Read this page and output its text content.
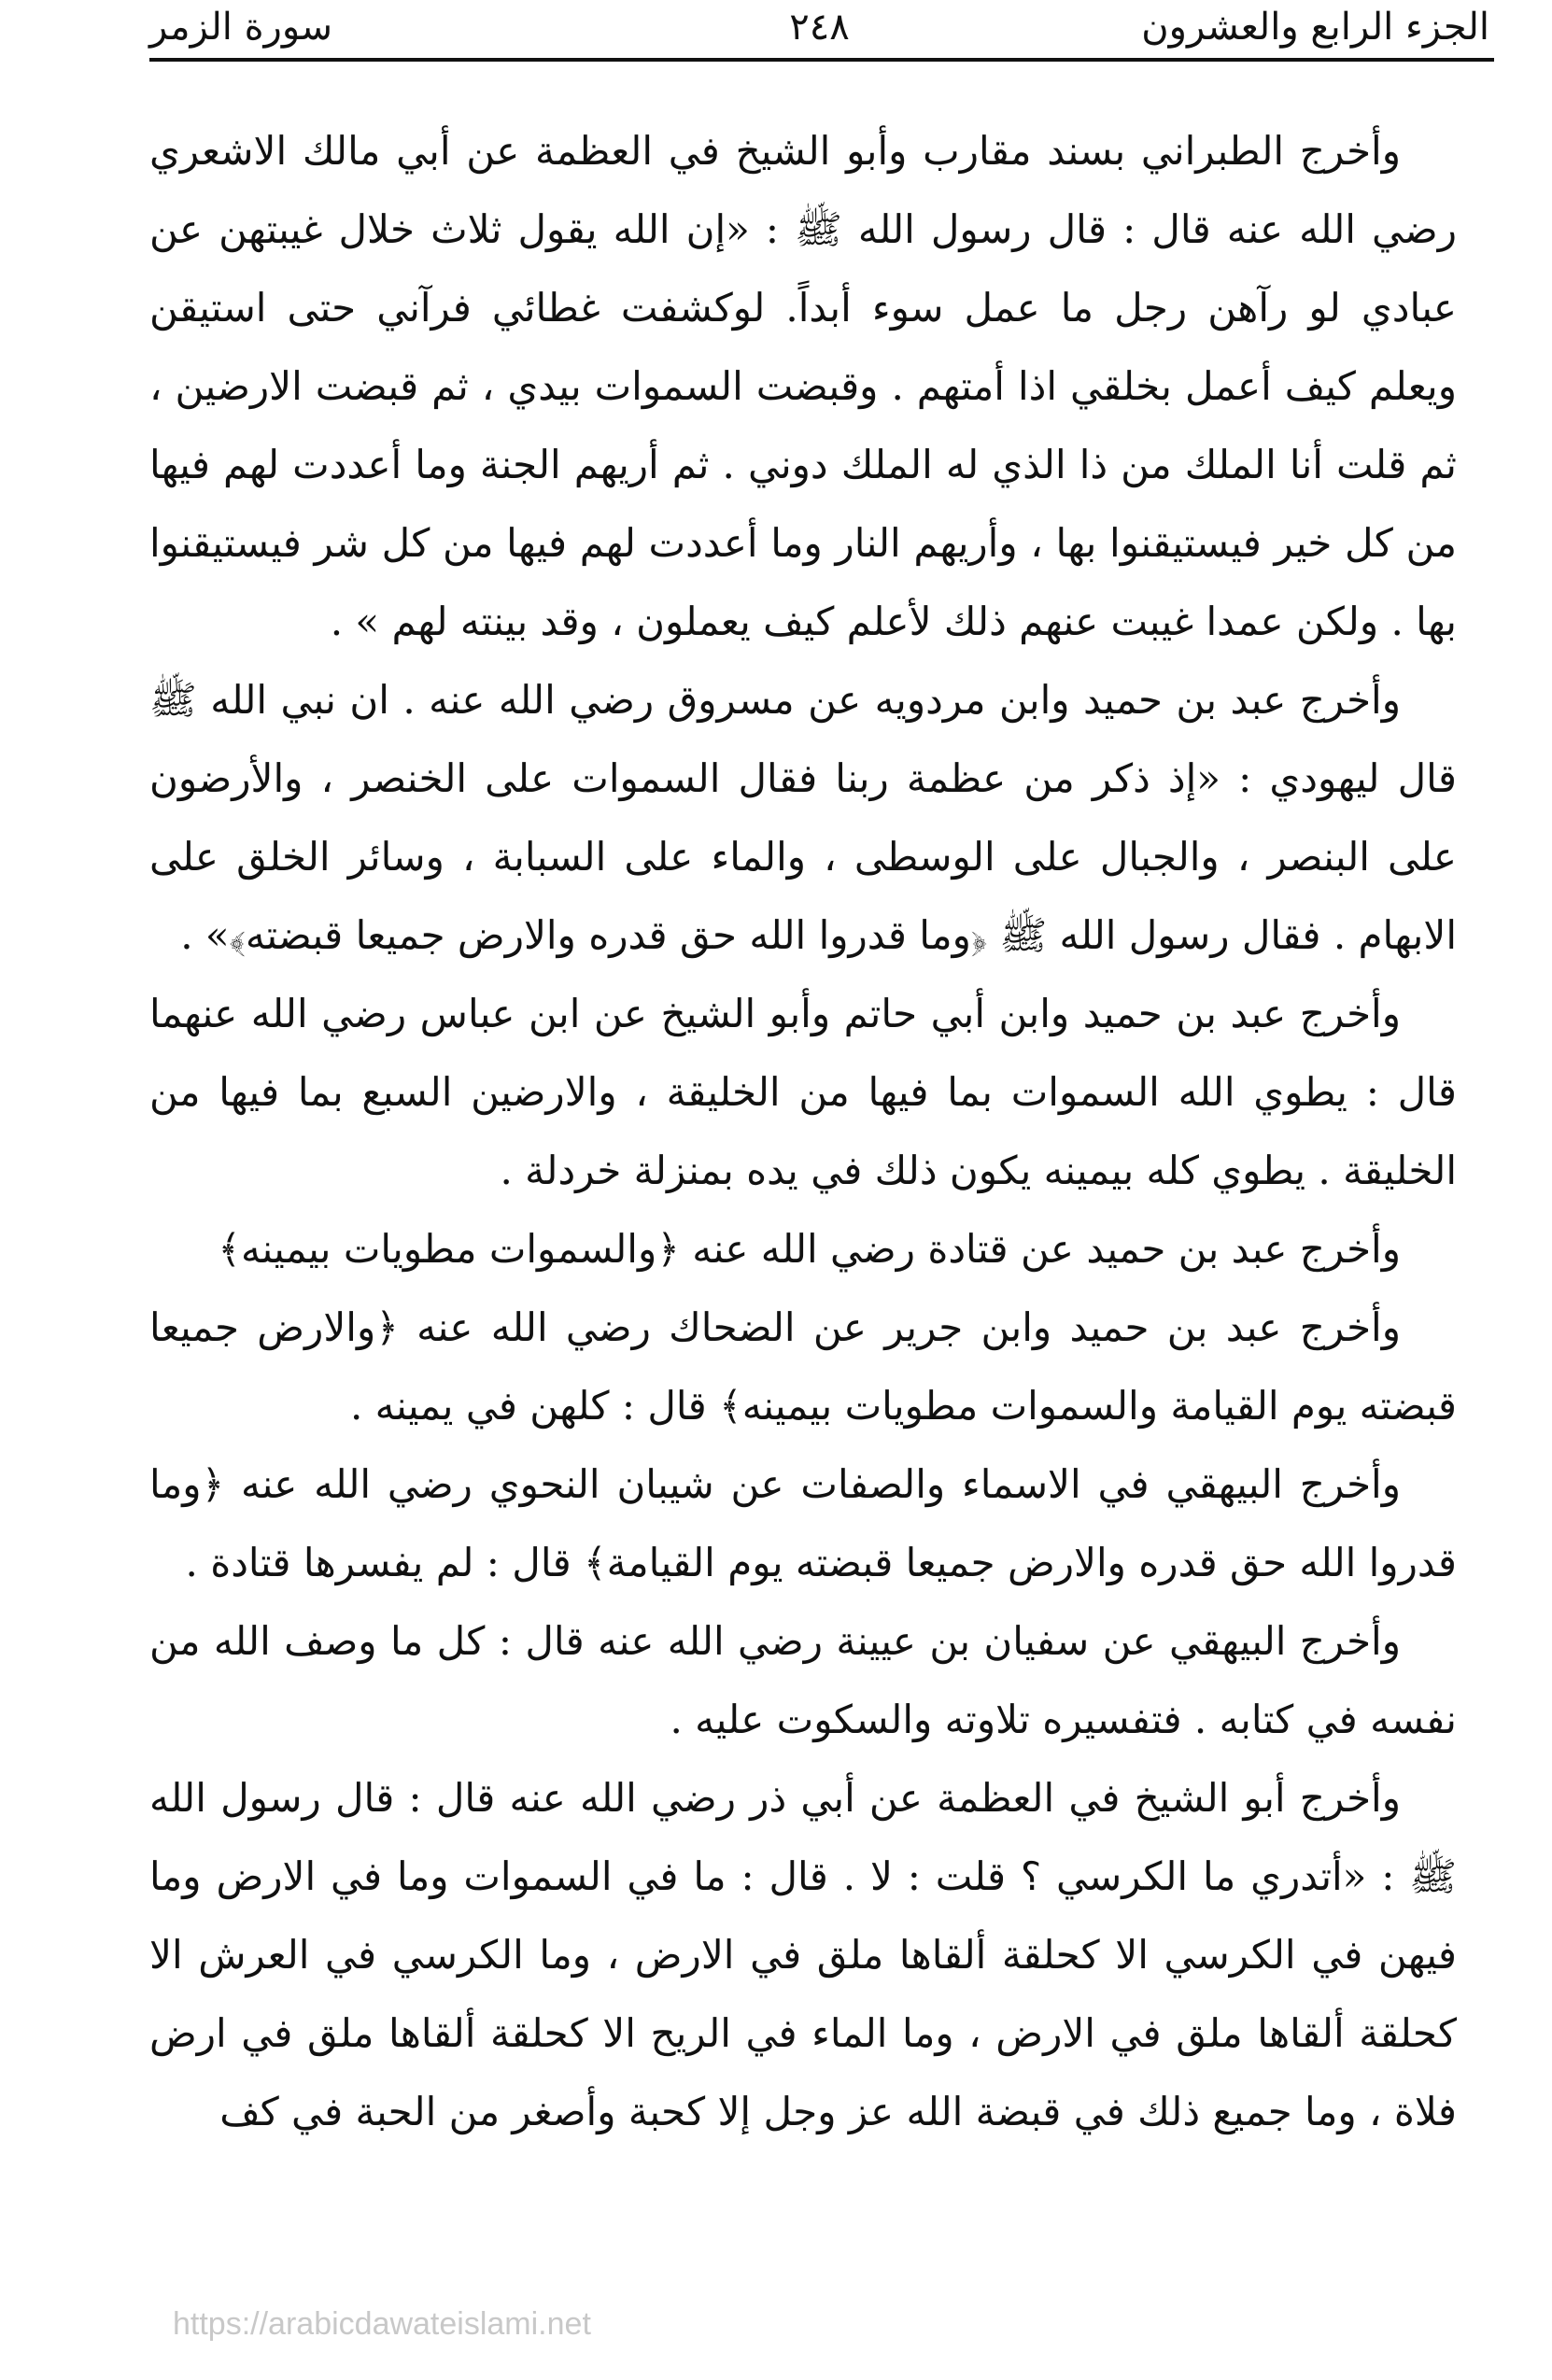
الجزء الرابع والعشرون
٢٤٨
سورة الزمر

وأخرج الطبراني بسند مقارب وأبو الشيخ في العظمة عن أبي مالك الاشعري رضي الله عنه قال : قال رسول الله ﷺ : «إن الله يقول ثلاث خلال غيبتهن عن عبادي لو رآهن رجل ما عمل سوء أبداً. لوكشفت غطائي فرآني حتى استيقن ويعلم كيف أعمل بخلقي اذا أمتهم . وقبضت السموات بيدي ، ثم قبضت الارضين ، ثم قلت أنا الملك من ذا الذي له الملك دوني . ثم أريهم الجنة وما أعددت لهم فيها من كل خير فيستيقنوا بها ، وأريهم النار وما أعددت لهم فيها من كل شر فيستيقنوا بها . ولكن عمدا غيبت عنهم ذلك لأعلم كيف يعملون ، وقد بينته لهم » .

وأخرج عبد بن حميد وابن مردويه عن مسروق رضي الله عنه . ان نبي الله ﷺ قال ليهودي : «إذ ذكر من عظمة ربنا فقال السموات على الخنصر ، والأرضون على البنصر ، والجبال على الوسطى ، والماء على السبابة ، وسائر الخلق على الابهام . فقال رسول الله ﷺ ﴿وما قدروا الله حق قدره والارض جميعا قبضته﴾» .

وأخرج عبد بن حميد وابن أبي حاتم وأبو الشيخ عن ابن عباس رضي الله عنهما قال : يطوي الله السموات بما فيها من الخليقة ، والارضين السبع بما فيها من الخليقة . يطوي كله بيمينه يكون ذلك في يده بمنزلة خردلة .

وأخرج عبد بن حميد عن قتادة رضي الله عنه ﴿والسموات مطويات بيمينه﴾

وأخرج عبد بن حميد وابن جرير عن الضحاك رضي الله عنه ﴿والارض جميعا قبضته يوم القيامة والسموات مطويات بيمينه﴾ قال : كلهن في يمينه .

وأخرج البيهقي في الاسماء والصفات عن شيبان النحوي رضي الله عنه ﴿وما قدروا الله حق قدره والارض جميعا قبضته يوم القيامة﴾ قال : لم يفسرها قتادة .

وأخرج البيهقي عن سفيان بن عيينة رضي الله عنه قال : كل ما وصف الله من نفسه في كتابه . فتفسيره تلاوته والسكوت عليه .

وأخرج أبو الشيخ في العظمة عن أبي ذر رضي الله عنه قال : قال رسول الله ﷺ : «أتدري ما الكرسي ؟ قلت : لا . قال : ما في السموات وما في الارض وما فيهن في الكرسي الا كحلقة ألقاها ملق في الارض ، وما الكرسي في العرش الا كحلقة ألقاها ملق في الارض ، وما الماء في الريح الا كحلقة ألقاها ملق في ارض فلاة ، وما جميع ذلك في قبضة الله عز وجل إلا كحبة وأصغر من الحبة في كف

https://arabicdawateislami.net
